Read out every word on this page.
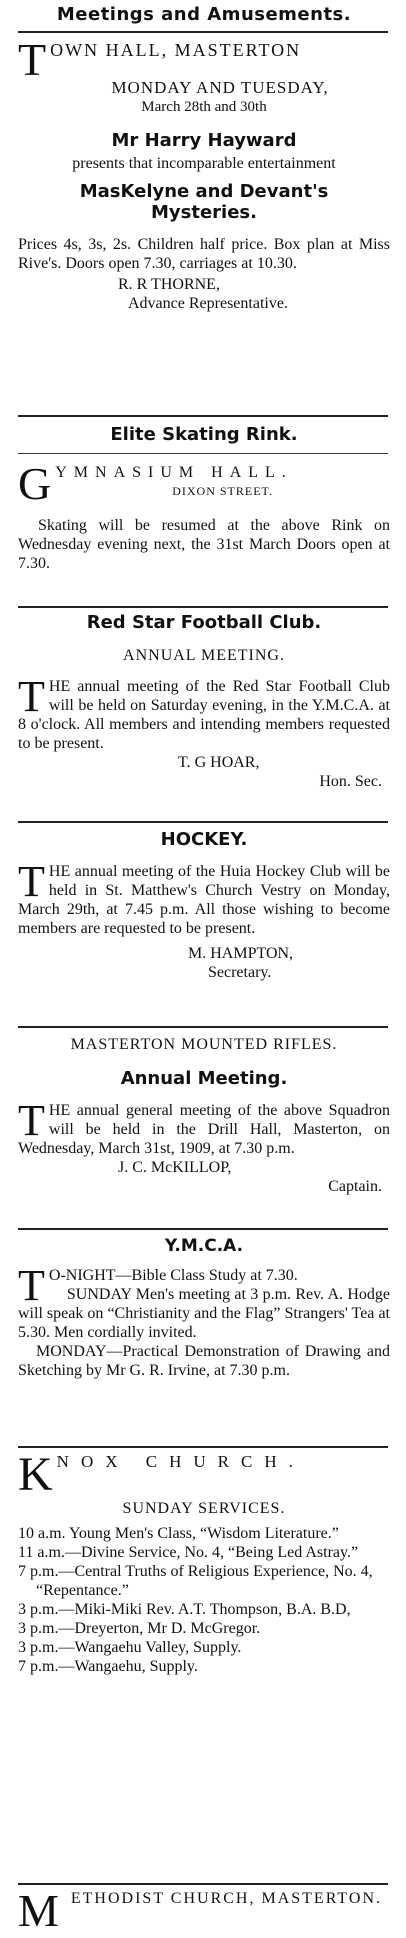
Meetings and Amusements.
T OWN HALL, MASTERTON
MONDAY AND TUESDAY,
March 28th and 30th
Mr Harry Hayward

presents that incomparable entertainment

MasKelyne and Devant's Mysteries.

Prices 4s, 3s, 2s. Children half price. Box plan at Miss Rive's. Doors open 7.30, carriages at 10.30.

R. R THORNE,
Advance Representative.
Elite Skating Rink.
G YMNASIUM HALL.
DIXON STREET.

Skating will be resumed at the above Rink on Wednesday evening next, the 31st March Doors open at 7.30.

Red Star Football Club.
ANNUAL MEETING.
T HE annual meeting of the Red Star Football Club will be held on Saturday evening, in the Y.M.C.A. at 8 o'clock. All members and intending members requested to be present.

T. G HOAR,
Hon. Sec.
HOCKEY.
T HE annual meeting of the Huia Hockey Club will be held in St. Matthew's Church Vestry on Monday, March 29th, at 7.45 p.m. All those wishing to become members are requested to be present.

M. HAMPTON,
Secretary.
MASTERTON MOUNTED RIFLES.
Annual Meeting.
T HE annual general meeting of the above Squadron will be held in the Drill Hall, Masterton, on Wednesday, March 31st, 1909, at 7.30 p.m.

J. C. McKILLOP,
Captain.
Y.M.C.A.
T O-NIGHT—Bible Class Study at 7.30.

SUNDAY Men's meeting at 3 p.m. Rev. A. Hodge will speak on “Christianity and the Flag” Strangers' Tea at 5.30. Men cordially invited.

MONDAY—Practical Demonstration of Drawing and Sketching by Mr G. R. Irvine, at 7.30 p.m.

K NOX CHURCH.
SUNDAY SERVICES.

10 a.m. Young Men's Class, “Wisdom Literature.”

11 a.m.—Divine Service, No. 4, “Being Led Astray.”

7 p.m.—Central Truths of Religious Experience, No. 4, “Repentance.”

3 p.m.—Miki-Miki Rev. A.T. Thompson, B.A. B.D,

3 p.m.—Dreyerton, Mr D. McGregor.

3 p.m.—Wangaehu Valley, Supply.

7 p.m.—Wangaehu, Supply.

M ETHODIST CHURCH, MASTERTON.
